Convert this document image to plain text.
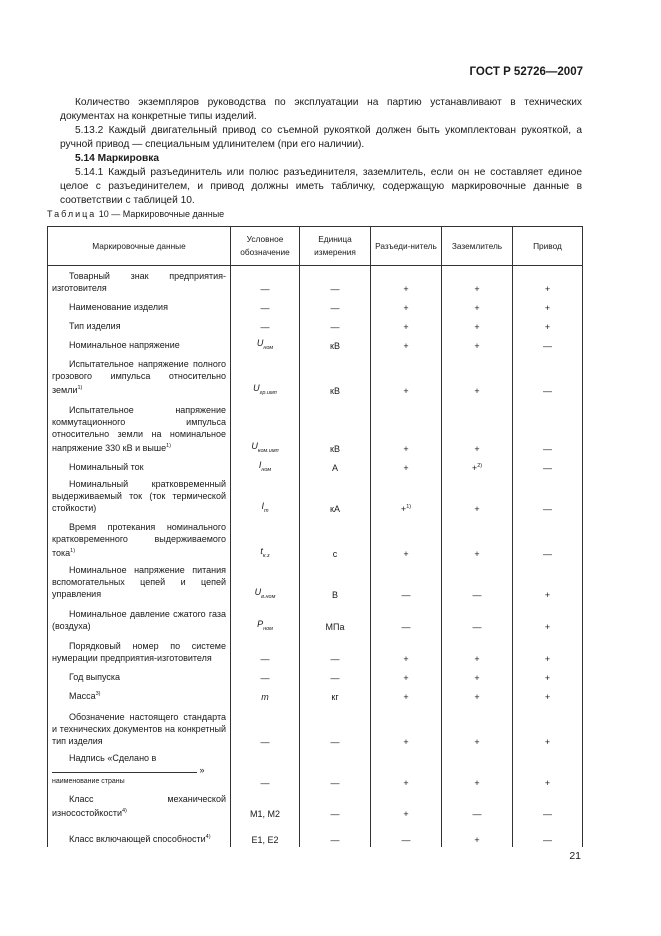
ГОСТ Р 52726—2007

Количество экземпляров руководства по эксплуатации на партию устанавливают в технических документах на конкретные типы изделий.

5.13.2 Каждый двигательный привод со съемной рукояткой должен быть укомплектован рукояткой, а ручной привод — специальным удлинителем (при его наличии).

5.14 Маркировка

5.14.1 Каждый разъединитель или полюс разъединителя, заземлитель, если он не составляет единое целое с разъединителем, и привод должны иметь табличку, содержащую маркировочные данные в соответствии с таблицей 10.

Таблица 10 — Маркировочные данные
Маркировочные данные	Условное обозначение	Единица измерения	Разъеди-нитель	Заземлитель	Привод

Товарный знак предприятия-изготовителя	—	—	+	+	+

Наименование изделия	—	—	+	+	+

Тип изделия	—	—	+	+	+

Номинальное напряжение	$U_{ном}$	кВ	+	+	—

Испытательное напряжение полного грозового импульса относительно земли$^{1)}$	$U_{гр.имп}$	кВ	+	+	—

Испытательное напряжение коммутационного импульса относительно земли на номинальное напряжение 330 кВ и выше$^{1)}$	$U_{ком.имп}$	кВ	+	+	—

Номинальный ток	$I_{ном}$	А	+	+$^{2)}$	—

Номинальный кратковременный выдерживаемый ток (ток термической стойкости)	$I_т$	кА	+$^{1)}$	+	—

Время протекания номинального кратковременного выдерживаемого тока$^{1)}$	$t_{к.з}$	с	+	+	—

Номинальное напряжение питания вспомогательных цепей и цепей управления	$U_{в.ном}$	В	—	—	+

Номинальное давление сжатого газа (воздуха)	$P_{ном}$	МПа	—	—	+

Порядковый номер по системе нумерации предприятия-изготовителя	—	—	+	+	+

Год выпуска	—	—	+	+	+

Масса$^{3)}$	m	кг	+	+	+

Обозначение настоящего стандарта и технических документов на конкретный тип изделия	—	—	+	+	+

Надпись «Сделано в
»
наименование страны	—	—	+	+	+

Класс механической износостойкости$^{4)}$	М1, М2	—	+	—	—

Класс включающей способности$^{4)}$	Е1, Е2	—	—	+	—
21
